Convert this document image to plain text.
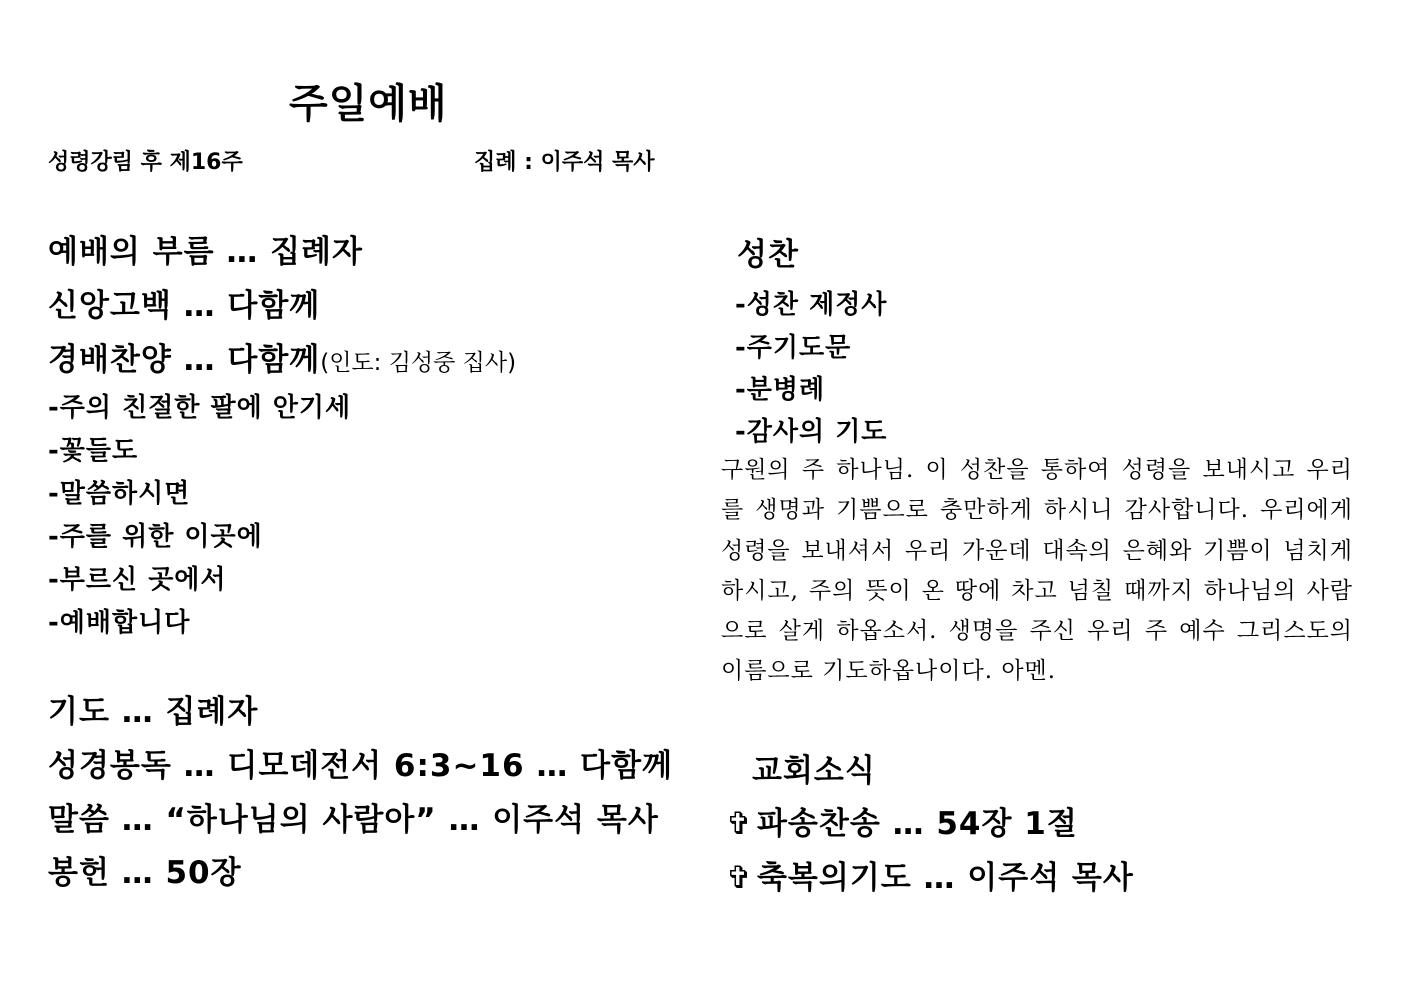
주일예배
성령강림 후 제16주	집례 : 이주석 목사
예배의 부름 … 집례자
신앙고백 … 다함께
경배찬양 … 다함께(인도: 김성중 집사)
-주의 친절한 팔에 안기세
-꽃들도
-말씀하시면
-주를 위한 이곳에
-부르신 곳에서
-예배합니다
기도 … 집례자
성경봉독 … 디모데전서 6:3~16 … 다함께
말씀 … “하나님의 사람아” … 이주석 목사
봉헌 … 50장
성찬
-성찬 제정사
-주기도문
-분병례
-감사의 기도
구원의 주 하나님. 이 성찬을 통하여 성령을 보내시고 우리를 생명과 기쁨으로 충만하게 하시니 감사합니다. 우리에게 성령을 보내셔서 우리 가운데 대속의 은혜와 기쁨이 넘치게 하시고, 주의 뜻이 온 땅에 차고 넘칠 때까지 하나님의 사람으로 살게 하옵소서. 생명을 주신 우리 주 예수 그리스도의 이름으로 기도하옵나이다. 아멘.
교회소식
✞ 파송찬송 … 54장 1절
✞ 축복의기도 … 이주석 목사
